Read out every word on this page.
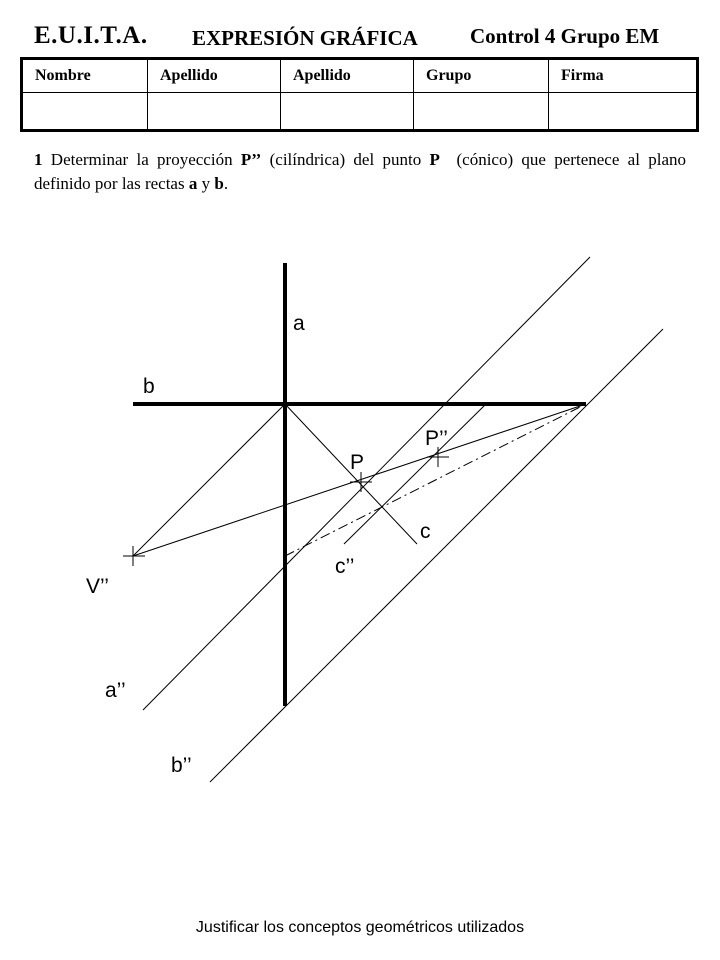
E.U.I.T.A. EXPRESIÓN GRÁFICA Control 4 Grupo EM
Nombre	Apellido	Apellido	Grupo	Firma

1 Determinar la proyección P’’ (cilíndrica) del punto P (cónico) que pertenece al plano definido por las rectas a y b.
a
b
P’’
P
c
c’’
V’’
a’’
b’’
Justificar los conceptos geométricos utilizados
